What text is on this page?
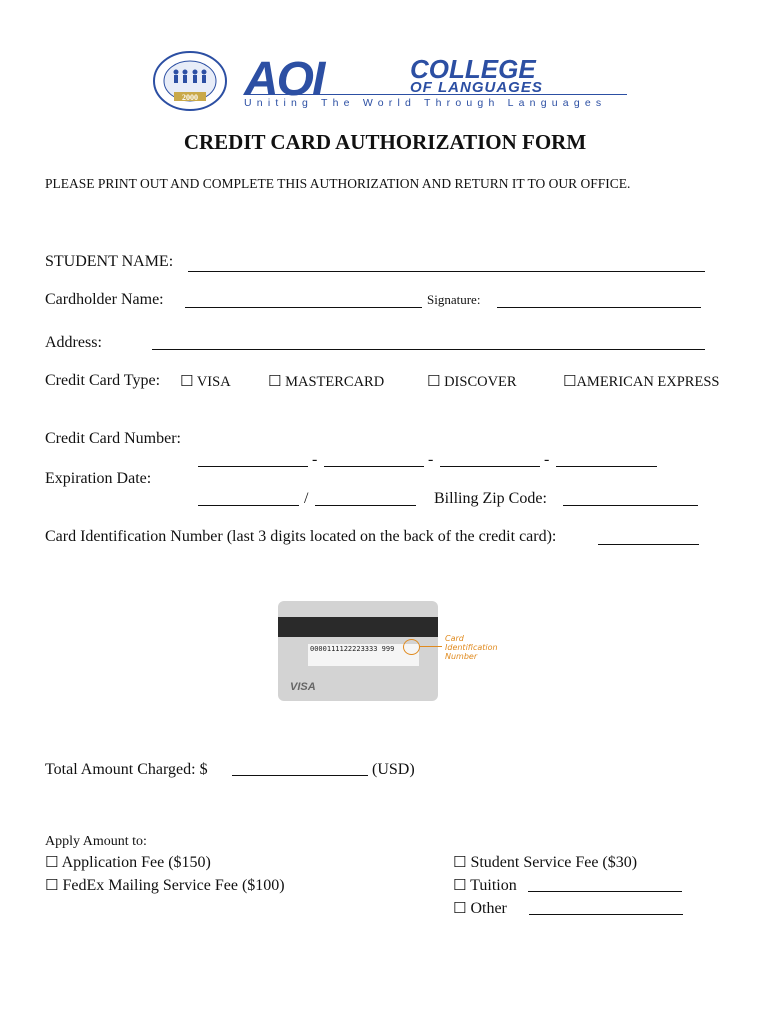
2000 AOI	COLLEGE
OF LANGUAGES
Uniting The World Through Languages
CREDIT CARD AUTHORIZATION FORM
PLEASE PRINT OUT AND COMPLETE THIS AUTHORIZATION AND RETURN IT TO OUR OFFICE.
STUDENT NAME:
Cardholder Name:	Signature:
Address:
Credit Card Type: ☐ VISA ☐ MASTERCARD	☐ DISCOVER	☐AMERICAN EXPRESS
Credit Card Number:
-	-	-
Expiration Date:
/	Billing Zip Code:
Card Identification Number (last 3 digits located on the back of the credit card):
0000111122223333 999
VISA
Card Identification Number
Total Amount Charged: $	(USD)
Apply Amount to:
☐ Application Fee ($150)
☐ FedEx Mailing Service Fee ($100)
☐ Student Service Fee ($30)
☐ Tuition
☐ Other
